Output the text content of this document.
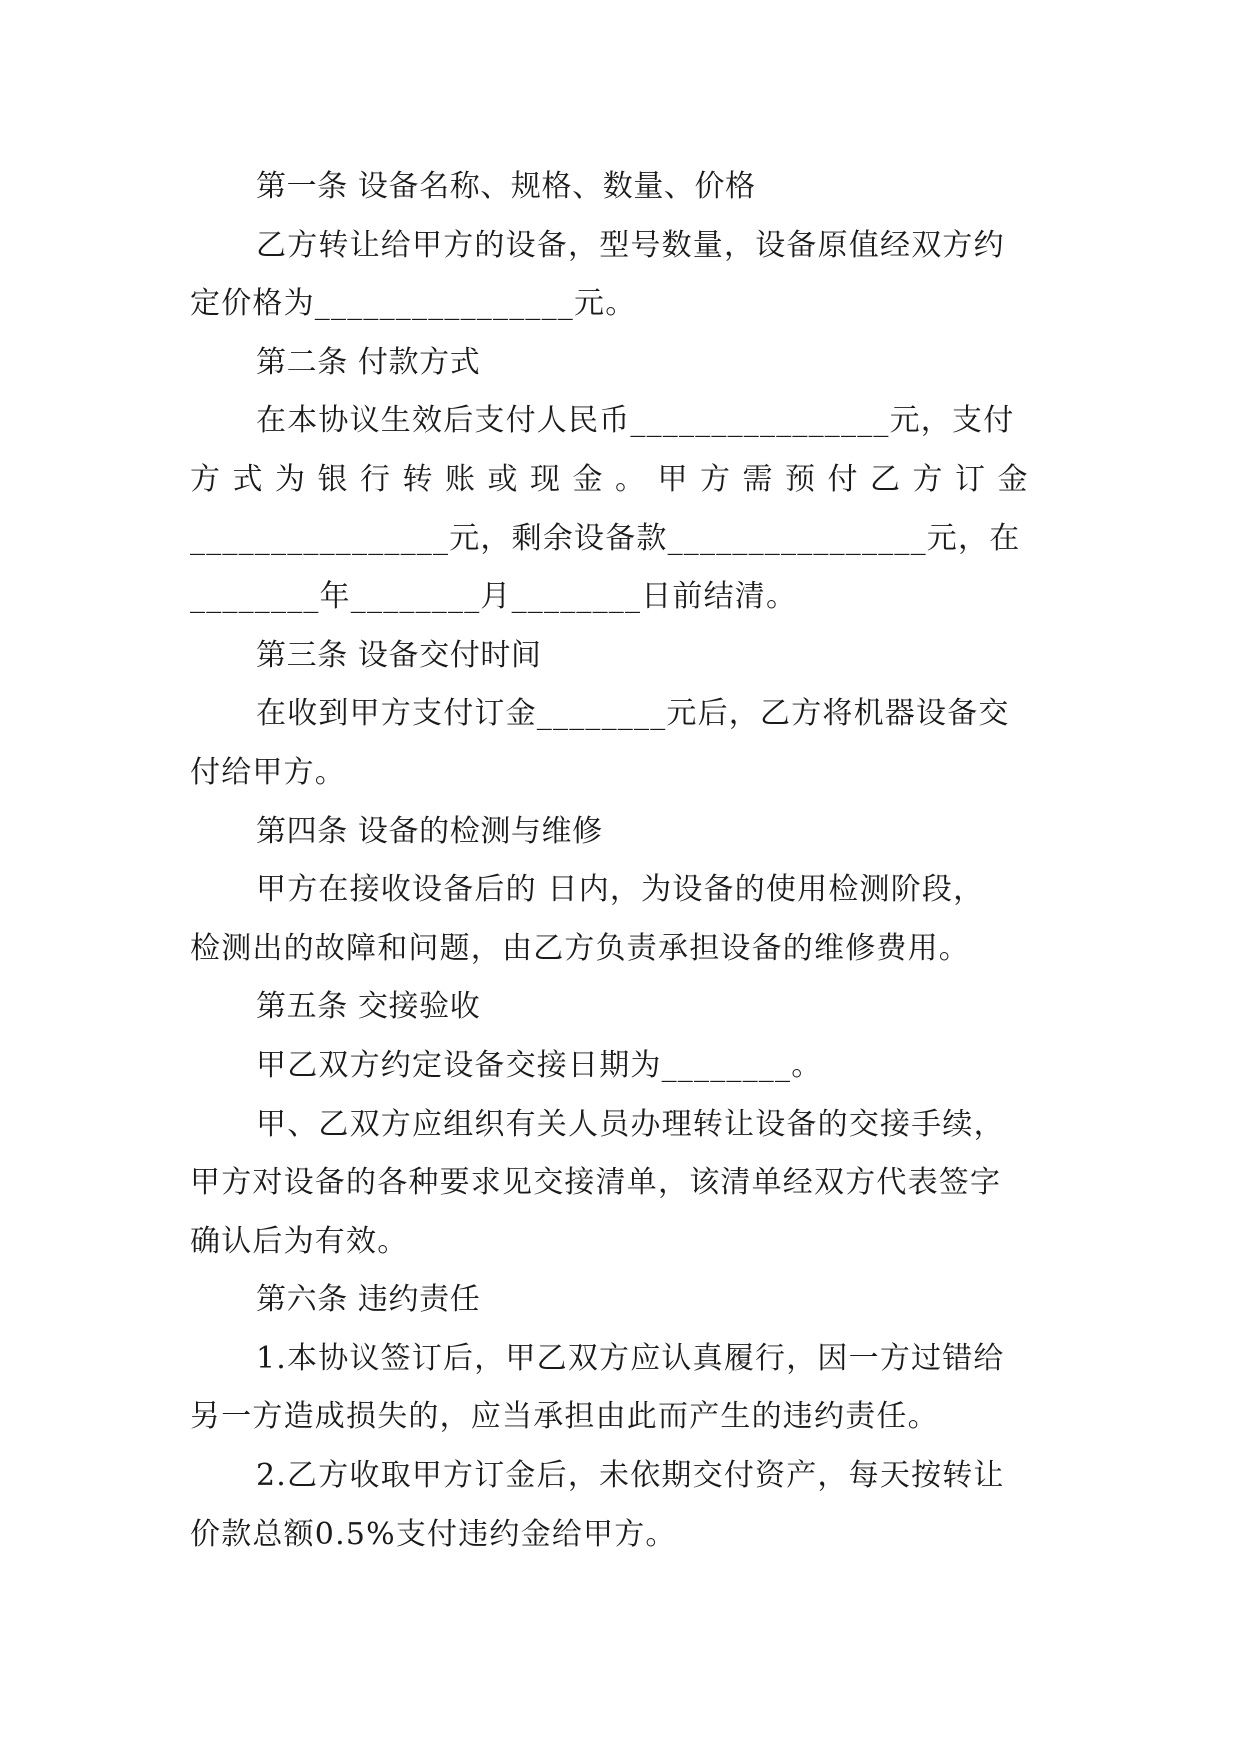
第一条 设备名称、规格、数量、价格
乙方转让给甲方的设备，型号数量，设备原值经双方约
定价格为________________元。
第二条 付款方式
在本协议生效后支付人民币________________元，支付
方式为银行转账或现金。甲方需预付乙方订金
________________元，剩余设备款________________元，在
________年________月________日前结清。
第三条 设备交付时间
在收到甲方支付订金________元后，乙方将机器设备交
付给甲方。
第四条 设备的检测与维修
甲方在接收设备后的 日内，为设备的使用检测阶段，
检测出的故障和问题，由乙方负责承担设备的维修费用。
第五条 交接验收
甲乙双方约定设备交接日期为________。
甲、乙双方应组织有关人员办理转让设备的交接手续，
甲方对设备的各种要求见交接清单，该清单经双方代表签字
确认后为有效。
第六条 违约责任
1.本协议签订后，甲乙双方应认真履行，因一方过错给
另一方造成损失的，应当承担由此而产生的违约责任。
2.乙方收取甲方订金后，未依期交付资产，每天按转让
价款总额0.5%支付违约金给甲方。
